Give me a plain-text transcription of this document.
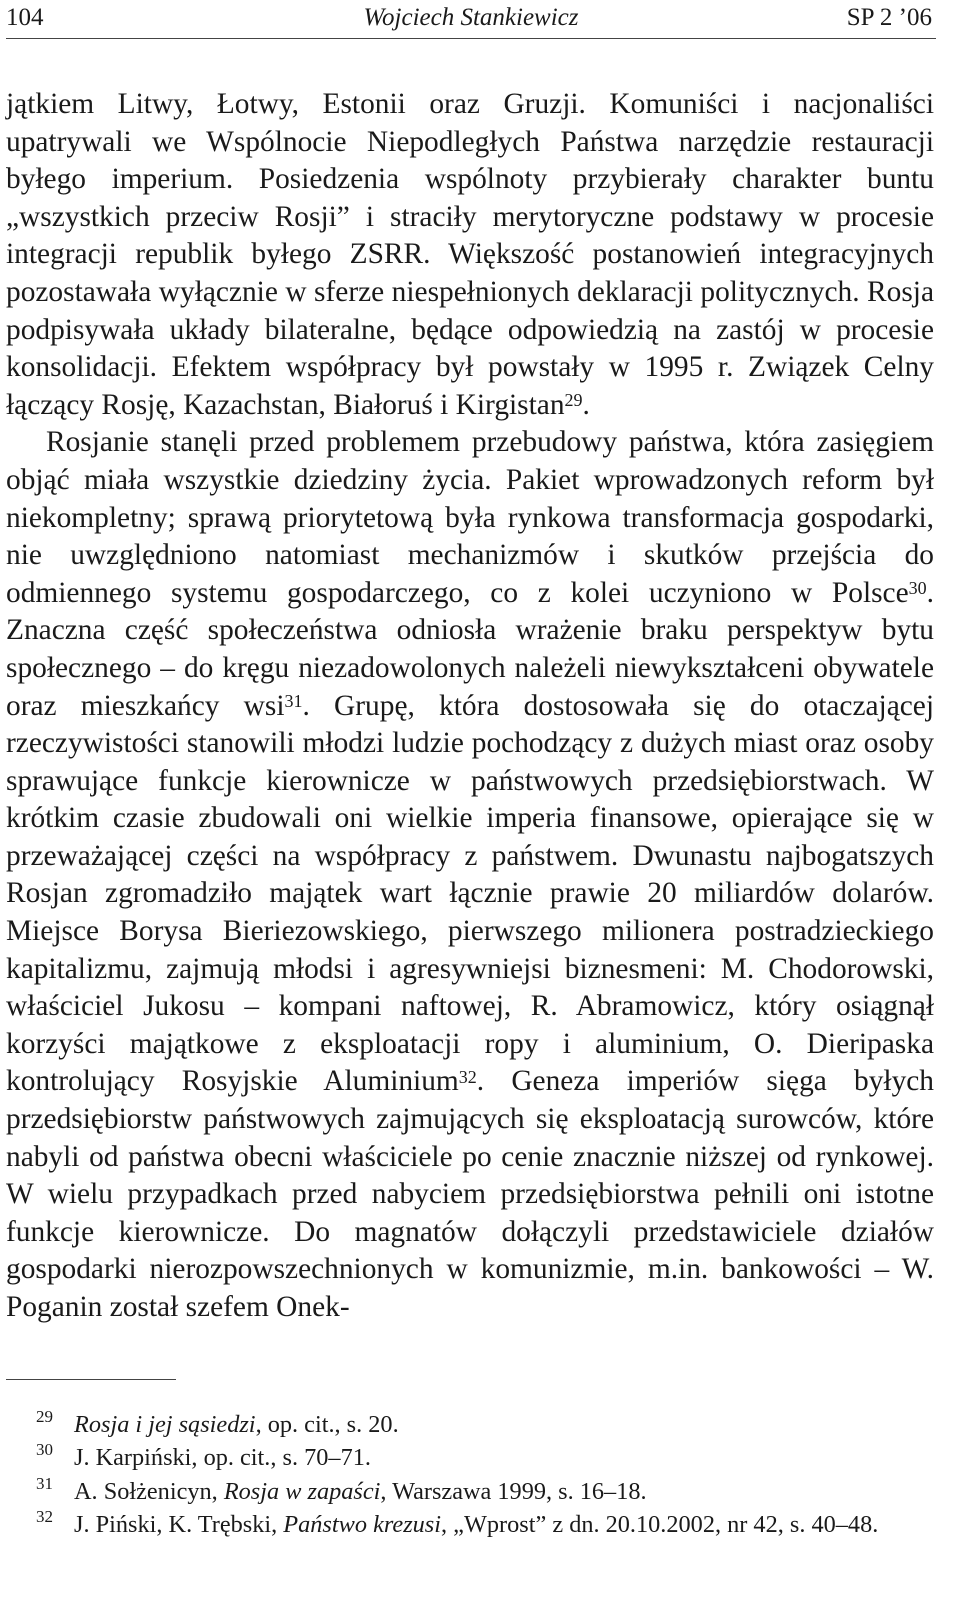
104	Wojciech Stankiewicz	SP 2 ’06

jątkiem Litwy, Łotwy, Estonii oraz Gruzji. Komuniści i nacjonaliści upatrywali we Wspólnocie Niepodległych Państwa narzędzie restauracji byłego imperium. Posiedzenia wspólnoty przybierały charakter buntu „wszystkich przeciw Rosji” i straciły merytoryczne podstawy w procesie integracji republik byłego ZSRR. Większość postanowień integracyjnych pozostawała wyłącznie w sferze niespełnionych deklaracji politycznych. Rosja podpisywała układy bilateralne, będące odpowiedzią na zastój w procesie konsolidacji. Efektem współpracy był powstały w 1995 r. Związek Celny łączący Rosję, Kazachstan, Białoruś i Kirgistan$^{29}$.

Rosjanie stanęli przed problemem przebudowy państwa, która zasięgiem objąć miała wszystkie dziedziny życia. Pakiet wprowadzonych reform był niekompletny; sprawą priorytetową była rynkowa transformacja gospodarki, nie uwzględniono natomiast mechanizmów i skutków przejścia do odmiennego systemu gospodarczego, co z kolei uczyniono w Polsce$^{30}$. Znaczna część społeczeństwa odniosła wrażenie braku perspektyw bytu społecznego – do kręgu niezadowolonych należeli niewykształceni obywatele oraz mieszkańcy wsi$^{31}$. Grupę, która dostosowała się do otaczającej rzeczywistości stanowili młodzi ludzie pochodzący z dużych miast oraz osoby sprawujące funkcje kierownicze w państwowych przedsiębiorstwach. W krótkim czasie zbudowali oni wielkie imperia finansowe, opierające się w przeważającej części na współpracy z państwem. Dwunastu najbogatszych Rosjan zgromadziło majątek wart łącznie prawie 20 miliardów dolarów. Miejsce Borysa Bieriezowskiego, pierwszego milionera postradzieckiego kapitalizmu, zajmują młodsi i agresywniejsi biznesmeni: M. Chodorowski, właściciel Jukosu – kompani naftowej, R. Abramowicz, który osiągnął korzyści majątkowe z eksploatacji ropy i aluminium, O. Dieripaska kontrolujący Rosyjskie Aluminium$^{32}$. Geneza imperiów sięga byłych przedsiębiorstw państwowych zajmujących się eksploatacją surowców, które nabyli od państwa obecni właściciele po cenie znacznie niższej od rynkowej. W wielu przypadkach przed nabyciem przedsiębiorstwa pełnili oni istotne funkcje kierownicze. Do magnatów dołączyli przedstawiciele działów gospodarki nierozpowszechnionych w komunizmie, m.in. bankowości – W. Poganin został szefem Onek-

29 Rosja i jej sąsiedzi, op. cit., s. 20.

30 J. Karpiński, op. cit., s. 70–71.

31 A. Sołżenicyn, Rosja w zapaści, Warszawa 1999, s. 16–18.

32 J. Piński, K. Trębski, Państwo krezusi, „Wprost” z dn. 20.10.2002, nr 42, s. 40–48.
